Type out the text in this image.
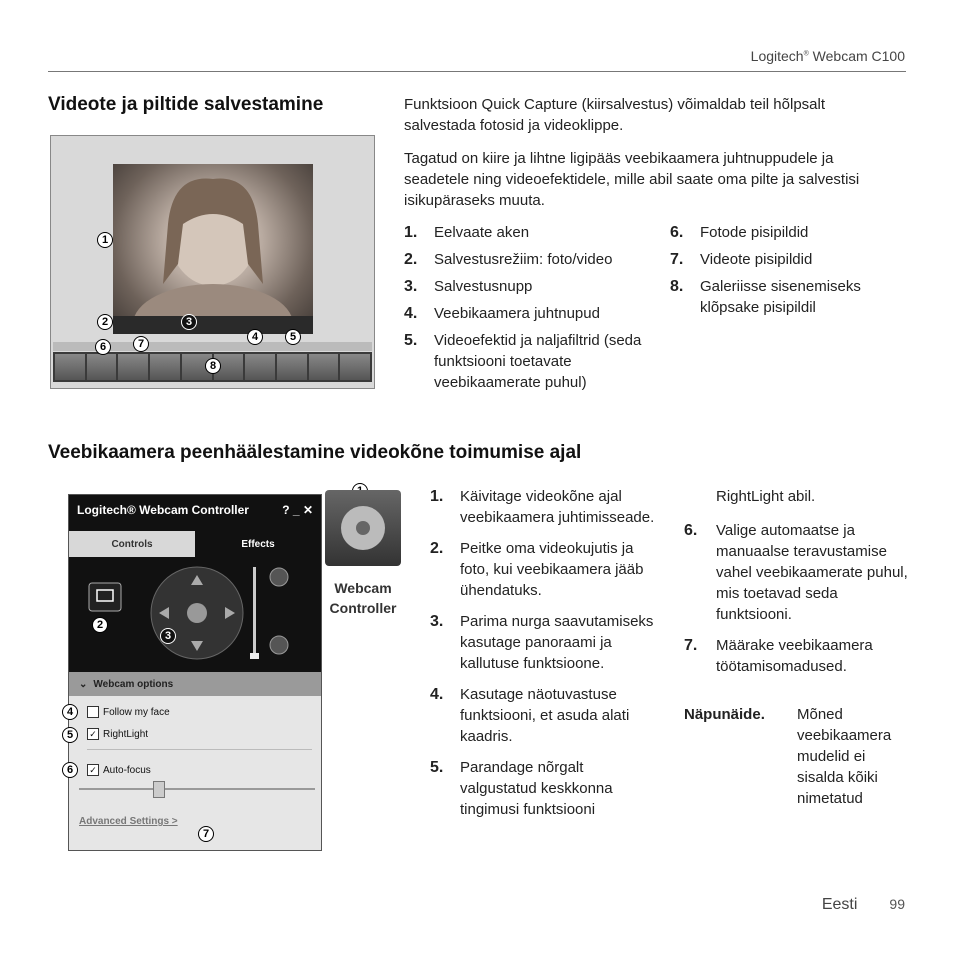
Logitech® Webcam C100
Videote ja piltide salvestamine
1
2	3
4	5
6	7
8
Funktsioon Quick Capture (kiirsalvestus) võimaldab teil hõlpsalt salvestada fotosid ja videoklippe.
Tagatud on kiire ja lihtne ligipääs veebikaamera juhtnuppudele ja seadetele ning videoefektidele, mille abil saate oma pilte ja salvestisi isikupäraseks muuta.
1.	Eelvaate aken
2.	Salvestusrežiim: foto/video
3.	Salvestusnupp
4.	Veebikaamera juhtnupud
5.	Videoefektid ja naljafiltrid (seda funktsiooni toetavate veebikaamerate puhul)
6.	Fotode pisipildid
7.	Videote pisipildid
8.	Galeriisse sisenemiseks klõpsake pisipildil
Veebikaamera peenhäälestamine videokõne toimumise ajal
Logitech® Webcam Controller	? _ ✕
Controls	Effects
⌄ Webcam options
Follow my face
✓ RightLight
✓ Auto-focus
Advanced Settings >
4
5
6
7
2
3
Webcam Controller
1.	Käivitage videokõne ajal veebikaamera juhtimisseade.
2.	Peitke oma videokujutis ja foto, kui veebikaamera jääb ühendatuks.
3.	Parima nurga saavutamiseks kasutage panoraami ja kallutuse funktsioone.
4.	Kasutage näotuvastuse funktsiooni, et asuda alati kaadris.
5.	Parandage nõrgalt valgustatud keskkonna tingimusi funktsiooni
RightLight abil.
6.	Valige automaatse ja manuaalse teravustamise vahel veebikaamerate puhul, mis toetavad seda funktsiooni.
7.	Määrake veebikaamera töötamisomadused.
Näpunäide. Mõned veebikaamera mudelid ei sisalda kõiki nimetatud
Eesti 99
